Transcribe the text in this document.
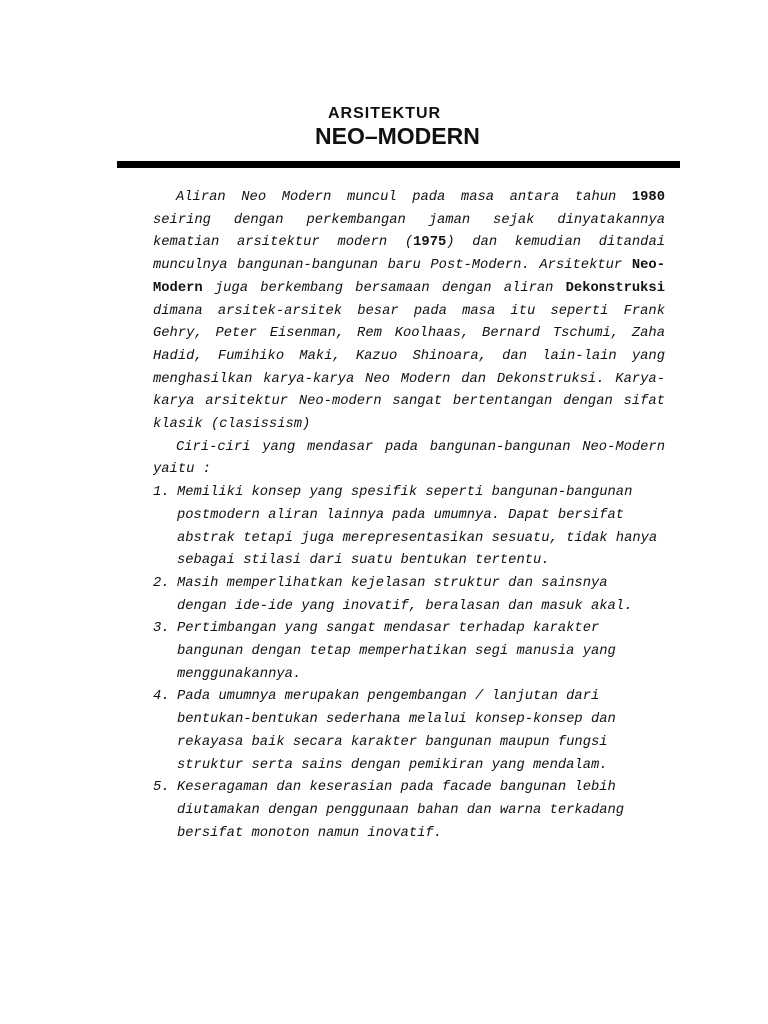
ARSITEKTUR
NEO–MODERN

Aliran Neo Modern muncul pada masa antara tahun 1980 seiring dengan perkembangan jaman sejak dinyatakannya kematian arsitektur modern (1975) dan kemudian ditandai munculnya bangunan-bangunan baru Post-Modern. Arsitektur Neo-Modern juga berkembang bersamaan dengan aliran Dekonstruksi dimana arsitek-arsitek besar pada masa itu seperti Frank Gehry, Peter Eisenman, Rem Koolhaas, Bernard Tschumi, Zaha Hadid, Fumihiko Maki, Kazuo Shinoara, dan lain-lain yang menghasilkan karya-karya Neo Modern dan Dekonstruksi. Karya-karya arsitektur Neo-modern sangat bertentangan dengan sifat klasik (clasissism)

Ciri-ciri yang mendasar pada bangunan-bangunan Neo-Modern yaitu :

1. Memiliki konsep yang spesifik seperti bangunan-bangunan postmodern aliran lainnya pada umumnya. Dapat bersifat abstrak tetapi juga merepresentasikan sesuatu, tidak hanya sebagai stilasi dari suatu bentukan tertentu.
2. Masih memperlihatkan kejelasan struktur dan sainsnya dengan ide-ide yang inovatif, beralasan dan masuk akal.
3. Pertimbangan yang sangat mendasar terhadap karakter bangunan dengan tetap memperhatikan segi manusia yang menggunakannya.
4. Pada umumnya merupakan pengembangan / lanjutan dari bentukan-bentukan sederhana melalui konsep-konsep dan rekayasa baik secara karakter bangunan maupun fungsi struktur serta sains dengan pemikiran yang mendalam.
5. Keseragaman dan keserasian pada facade bangunan lebih diutamakan dengan penggunaan bahan dan warna terkadang bersifat monoton namun inovatif.
